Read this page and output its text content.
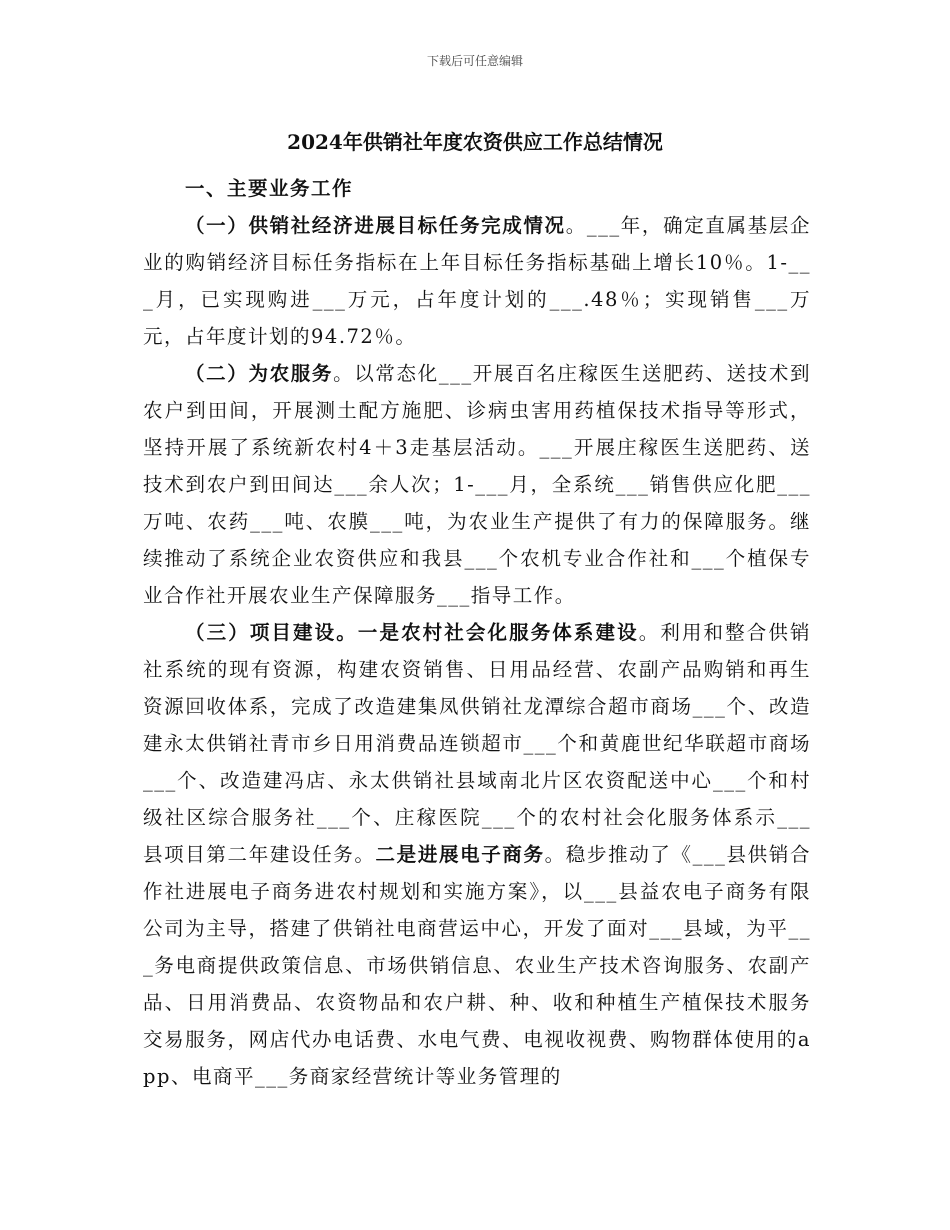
下载后可任意编辑
2024年供销社年度农资供应工作总结情况

一、主要业务工作

（一）供销社经济进展目标任务完成情况。___年，确定直属基层企业的购销经济目标任务指标在上年目标任务指标基础上增长10％。1-___月，已实现购进___万元，占年度计划的___.48％；实现销售___万元，占年度计划的94.72％。

（二）为农服务。以常态化___开展百名庄稼医生送肥药、送技术到农户到田间，开展测土配方施肥、诊病虫害用药植保技术指导等形式，坚持开展了系统新农村4＋3走基层活动。___开展庄稼医生送肥药、送技术到农户到田间达___余人次；1-___月，全系统___销售供应化肥___万吨、农药___吨、农膜___吨，为农业生产提供了有力的保障服务。继续推动了系统企业农资供应和我县___个农机专业合作社和___个植保专业合作社开展农业生产保障服务___指导工作。

（三）项目建设。一是农村社会化服务体系建设。利用和整合供销社系统的现有资源，构建农资销售、日用品经营、农副产品购销和再生资源回收体系，完成了改造建集凤供销社龙潭综合超市商场___个、改造建永太供销社青市乡日用消费品连锁超市___个和黄鹿世纪华联超市商场___个、改造建冯店、永太供销社县域南北片区农资配送中心___个和村级社区综合服务社___个、庄稼医院___个的农村社会化服务体系示___县项目第二年建设任务。二是进展电子商务。稳步推动了《___县供销合作社进展电子商务进农村规划和实施方案》，以___县益农电子商务有限公司为主导，搭建了供销社电商营运中心，开发了面对___县域，为平___务电商提供政策信息、市场供销信息、农业生产技术咨询服务、农副产品、日用消费品、农资物品和农户耕、种、收和种植生产植保技术服务交易服务，网店代办电话费、水电气费、电视收视费、购物群体使用的app、电商平___务商家经营统计等业务管理的
